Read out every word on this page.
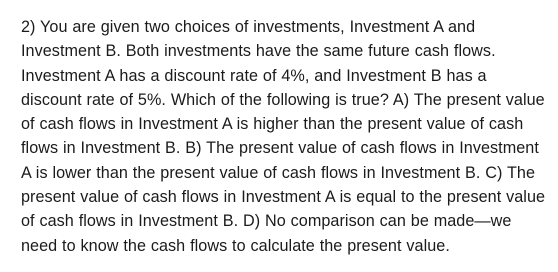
2) You are given two choices of investments, Investment A and Investment B. Both investments have the same future cash flows. Investment A has a discount rate of 4%, and Investment B has a discount rate of 5%. Which of the following is true? A) The present value of cash flows in Investment A is higher than the present value of cash flows in Investment B. B) The present value of cash flows in Investment A is lower than the present value of cash flows in Investment B. C) The present value of cash flows in Investment A is equal to the present value of cash flows in Investment B. D) No comparison can be made—we need to know the cash flows to calculate the present value.
